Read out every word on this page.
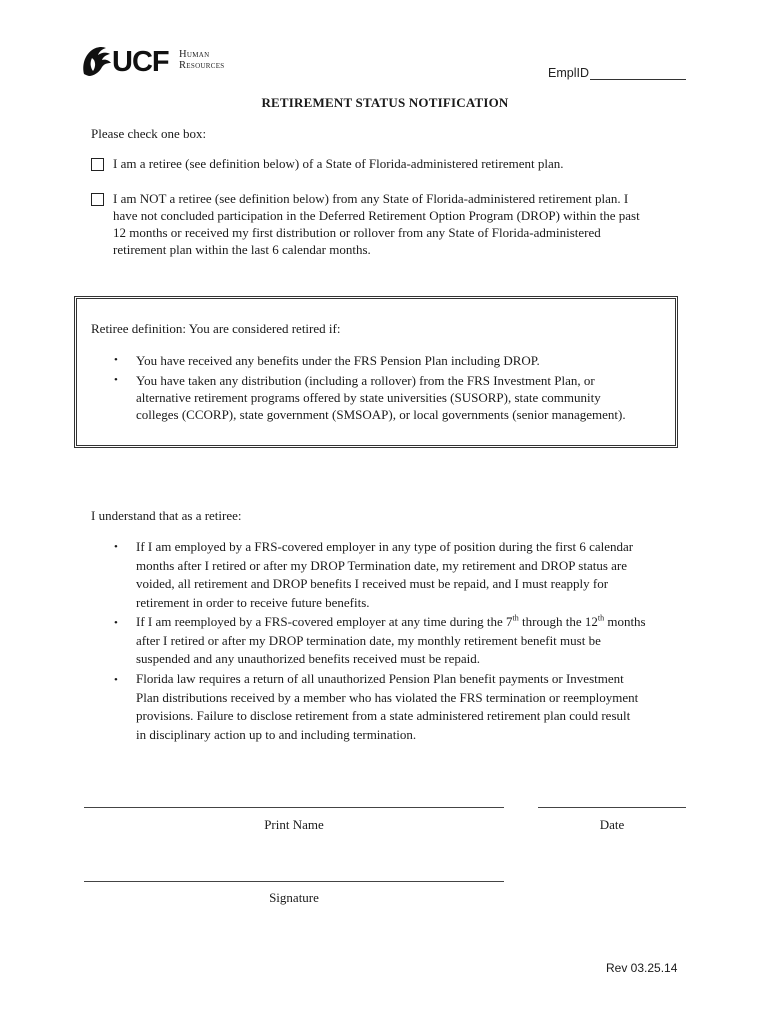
UCF Human
Resources
EmplID
RETIREMENT STATUS NOTIFICATION
Please check one box:
I am a retiree (see definition below) of a State of Florida-administered retirement plan.
I am NOT a retiree (see definition below) from any State of Florida-administered retirement plan. I
have not concluded participation in the Deferred Retirement Option Program (DROP) within the past
12 months or received my first distribution or rollover from any State of Florida-administered
retirement plan within the last 6 calendar months.
Retiree definition: You are considered retired if:
• You have received any benefits under the FRS Pension Plan including DROP.
• You have taken any distribution (including a rollover) from the FRS Investment Plan, or
alternative retirement programs offered by state universities (SUSORP), state community
colleges (CCORP), state government (SMSOAP), or local governments (senior management).
I understand that as a retiree:
• If I am employed by a FRS-covered employer in any type of position during the first 6 calendar
months after I retired or after my DROP Termination date, my retirement and DROP status are
voided, all retirement and DROP benefits I received must be repaid, and I must reapply for
retirement in order to receive future benefits.
• If I am reemployed by a FRS-covered employer at any time during the 7th through the 12th months
after I retired or after my DROP termination date, my monthly retirement benefit must be
suspended and any unauthorized benefits received must be repaid.
• Florida law requires a return of all unauthorized Pension Plan benefit payments or Investment
Plan distributions received by a member who has violated the FRS termination or reemployment
provisions. Failure to disclose retirement from a state administered retirement plan could result
in disciplinary action up to and including termination.
Print Name	Date
Signature
Rev 03.25.14
